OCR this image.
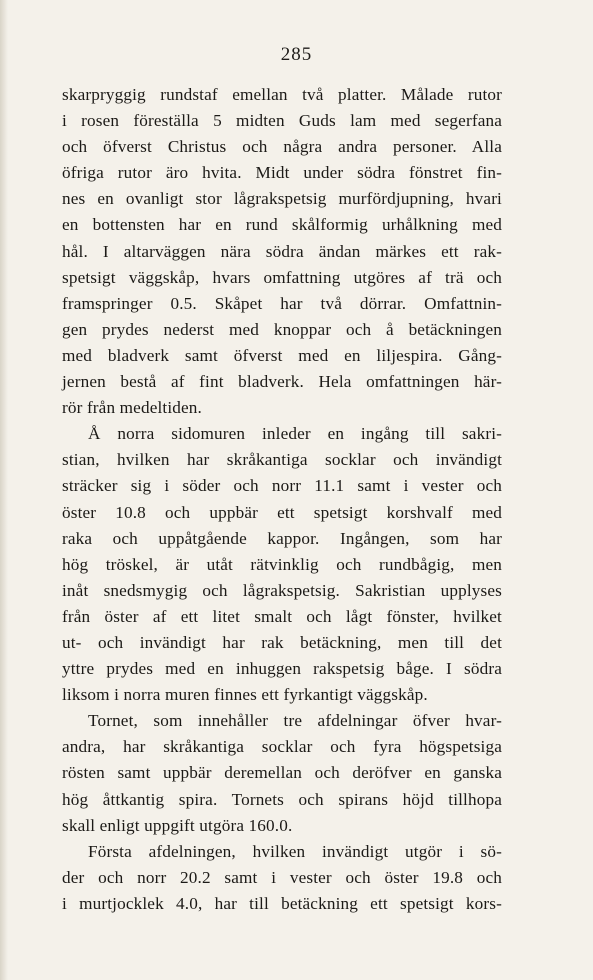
285
skarpryggig rundstaf emellan två platter. Målade rutor
i rosen föreställa 5 midten Guds lam med segerfana
och öfverst Christus och några andra personer. Alla
öfriga rutor äro hvita. Midt under södra fönstret fin-
nes en ovanligt stor lågrakspetsig murfördjupning, hvari
en bottensten har en rund skålformig urhålkning med
hål. I altarväggen nära södra ändan märkes ett rak-
spetsigt väggskåp, hvars omfattning utgöres af trä och
framspringer 0.5. Skåpet har två dörrar. Omfattnin-
gen prydes nederst med knoppar och å betäckningen
med bladverk samt öfverst med en liljespira. Gång-
jernen bestå af fint bladverk. Hela omfattningen här-
rör från medeltiden.
Å norra sidomuren inleder en ingång till sakri-
stian, hvilken har skråkantiga socklar och invändigt
sträcker sig i söder och norr 11.1 samt i vester och
öster 10.8 och uppbär ett spetsigt korshvalf med
raka och uppåtgående kappor. Ingången, som har
hög tröskel, är utåt rätvinklig och rundbågig, men
inåt snedsmygig och lågrakspetsig. Sakristian upplyses
från öster af ett litet smalt och lågt fönster, hvilket
ut- och invändigt har rak betäckning, men till det
yttre prydes med en inhuggen rakspetsig båge. I södra
liksom i norra muren finnes ett fyrkantigt väggskåp.
Tornet, som innehåller tre afdelningar öfver hvar-
andra, har skråkantiga socklar och fyra högspetsiga
rösten samt uppbär deremellan och deröfver en ganska
hög åttkantig spira. Tornets och spirans höjd tillhopa
skall enligt uppgift utgöra 160.0.
Första afdelningen, hvilken invändigt utgör i sö-
der och norr 20.2 samt i vester och öster 19.8 och
i murtjocklek 4.0, har till betäckning ett spetsigt kors-
